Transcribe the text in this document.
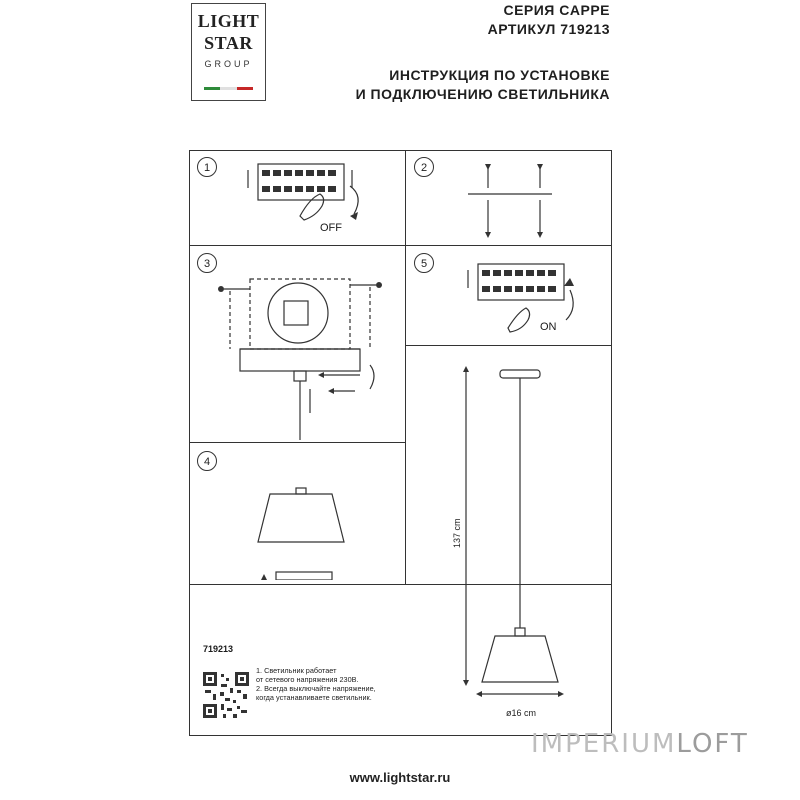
LIGHT
STAR
GROUP
СЕРИЯ CAPPE
АРТИКУЛ 719213
ИНСТРУКЦИЯ ПО УСТАНОВКЕ
И ПОДКЛЮЧЕНИЮ СВЕТИЛЬНИКА
1	2
3	5
4
OFF
ON
137 cm
ø16 cm
719213
1. Светильник работает
от сетевого напряжения 230В.
2. Всегда выключайте напряжение,
когда устанавливаете светильник.
IMPERIUMLOFT
www.lightstar.ru
